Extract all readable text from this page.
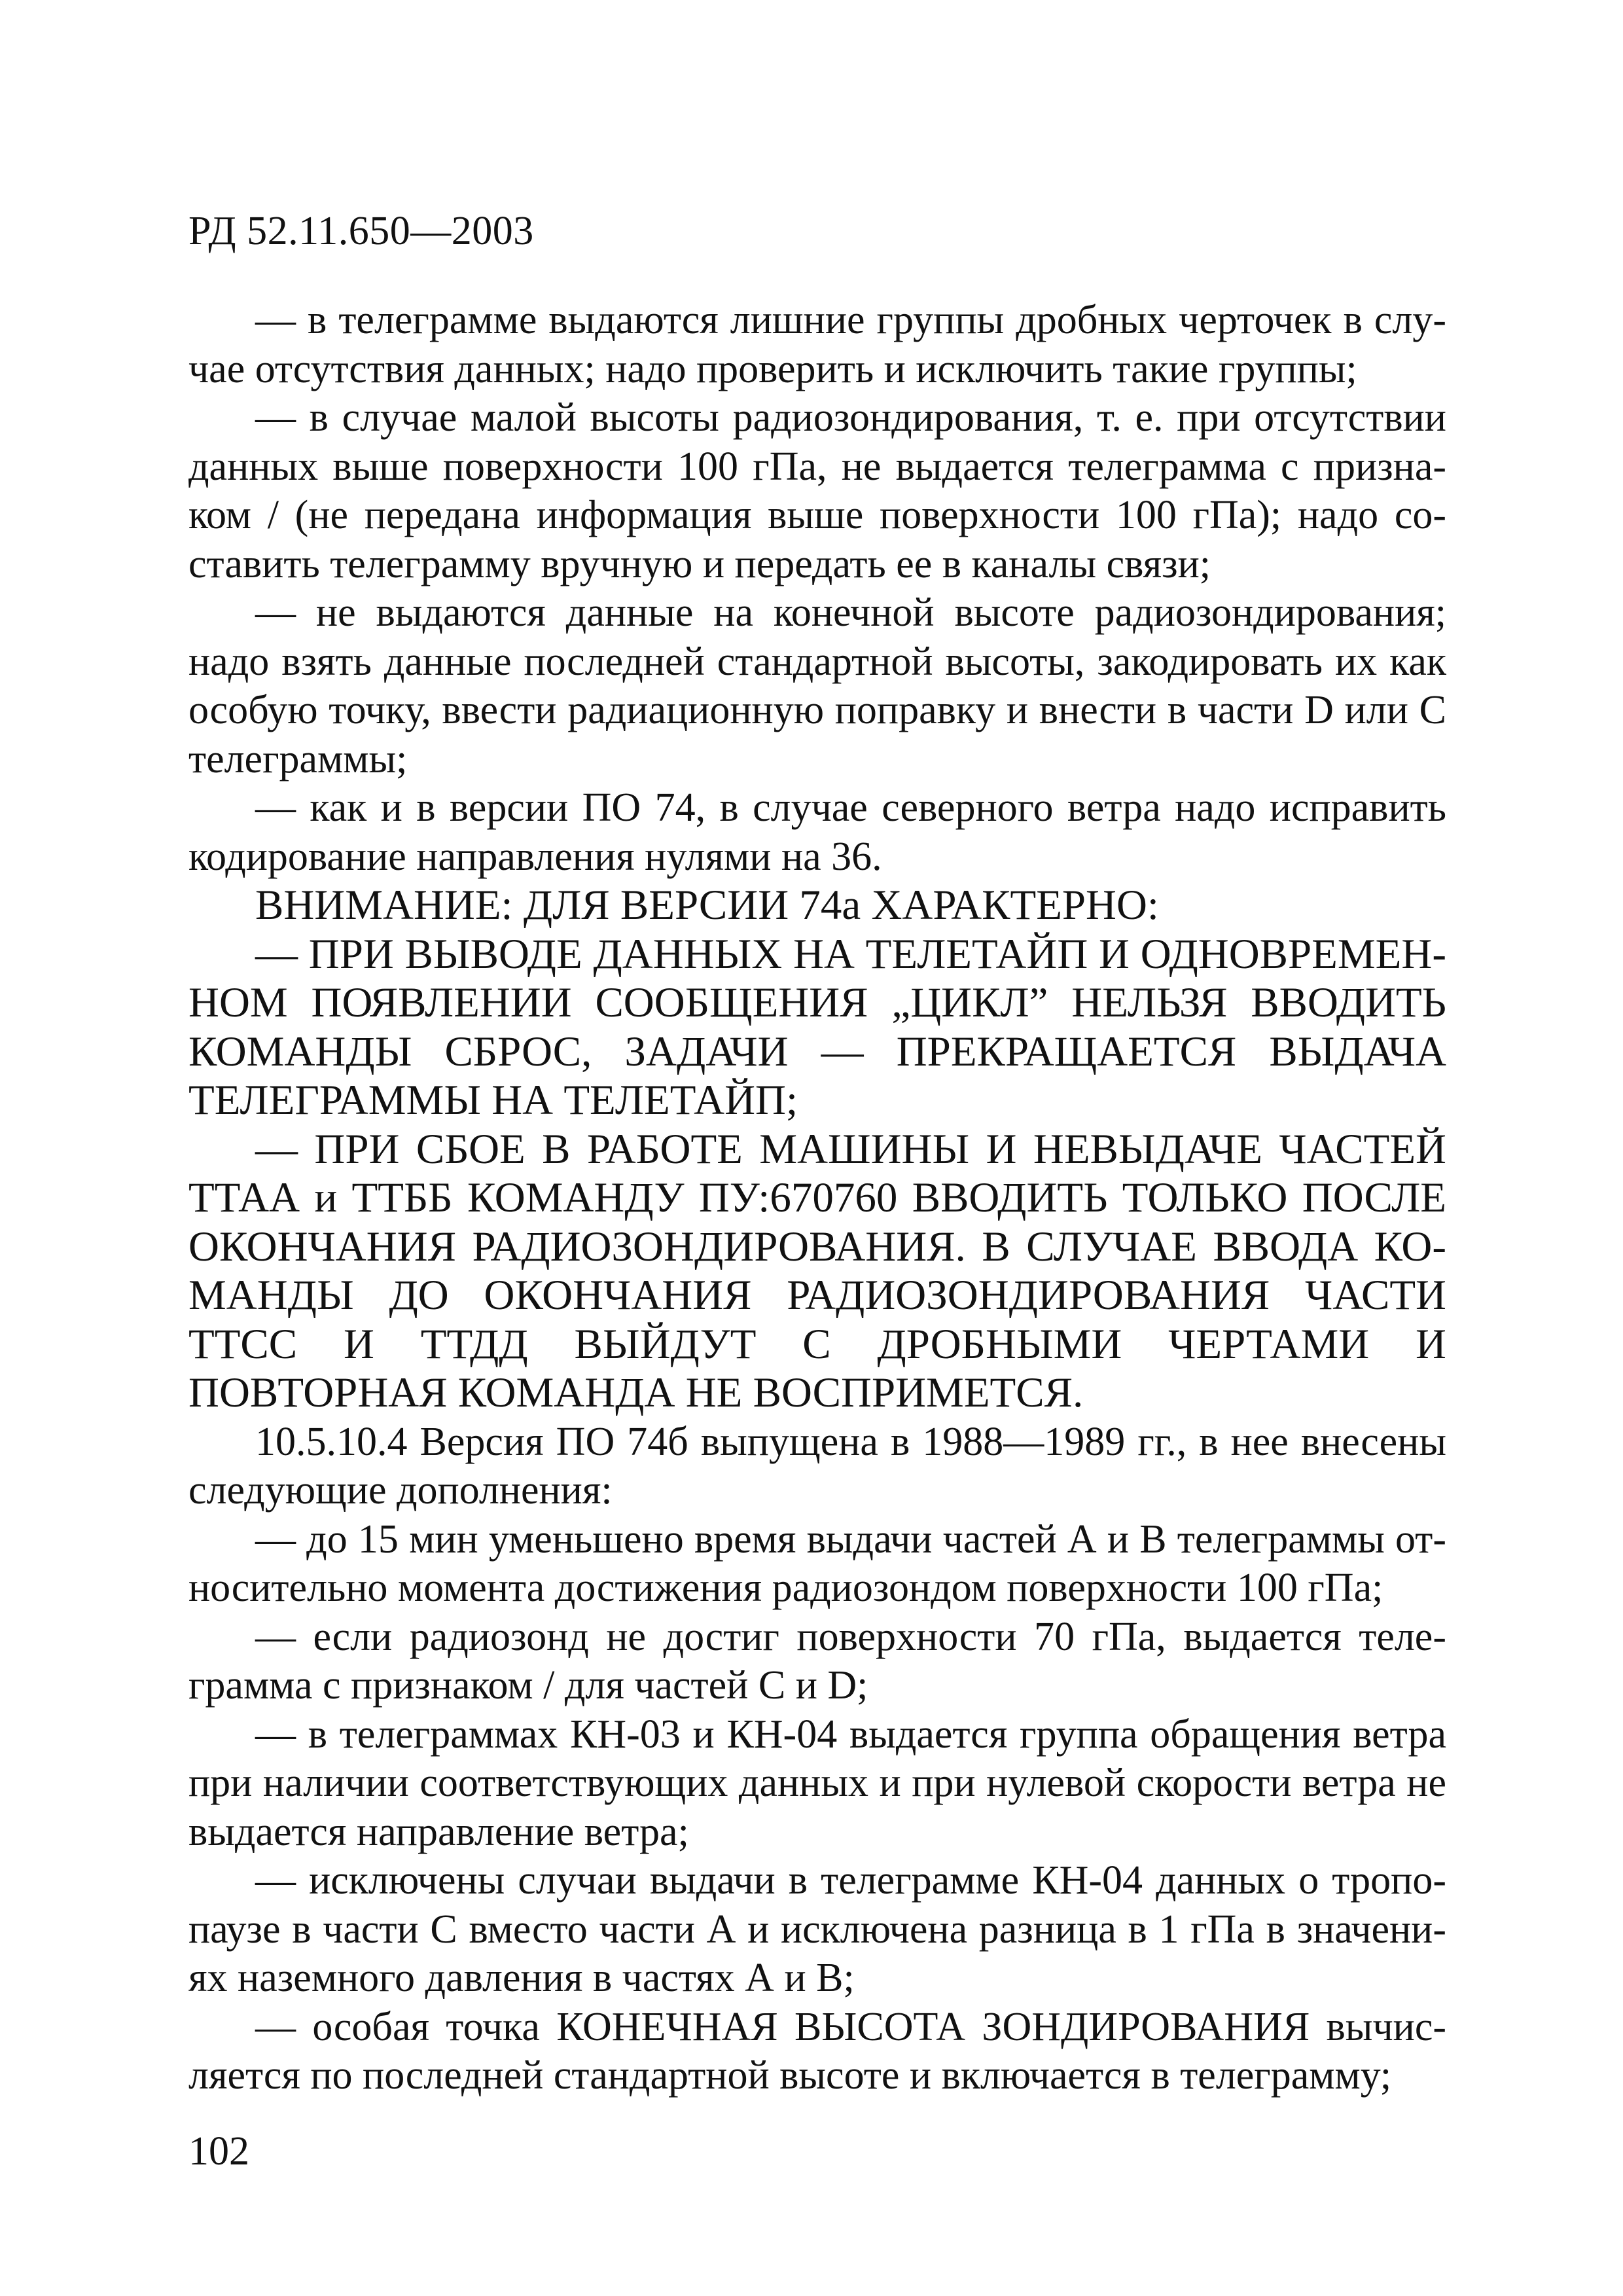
РД 52.11.650—2003

— в телеграмме выдаются лишние группы дробных черточек в случае отсутствия данных; надо проверить и исключить такие группы;

— в случае малой высоты радиозондирования, т. е. при отсутствии данных выше поверхности 100 гПа, не выдается телеграмма с признаком / (не передана информация выше поверхности 100 гПа); надо составить телеграмму вручную и передать ее в каналы связи;

— не выдаются данные на конечной высоте радиозондирования; надо взять данные последней стандартной высоты, закодировать их как особую точку, ввести радиационную поправку и внести в части D или С телеграммы;

— как и в версии ПО 74, в случае северного ветра надо исправить кодирование направления нулями на 36.

ВНИМАНИЕ: ДЛЯ ВЕРСИИ 74а ХАРАКТЕРНО:

— ПРИ ВЫВОДЕ ДАННЫХ НА ТЕЛЕТАЙП И ОДНОВРЕМЕННОМ ПОЯВЛЕНИИ СООБЩЕНИЯ „ЦИКЛ” НЕЛЬЗЯ ВВОДИТЬ КОМАНДЫ СБРОС, ЗАДАЧИ — ПРЕКРАЩАЕТСЯ ВЫДАЧА ТЕЛЕГРАММЫ НА ТЕЛЕТАЙП;

— ПРИ СБОЕ В РАБОТЕ МАШИНЫ И НЕВЫДАЧЕ ЧАСТЕЙ ТТАА и ТТББ КОМАНДУ ПУ:670760 ВВОДИТЬ ТОЛЬКО ПОСЛЕ ОКОНЧАНИЯ РАДИОЗОНДИРОВАНИЯ. В СЛУЧАЕ ВВОДА КОМАНДЫ ДО ОКОНЧАНИЯ РАДИОЗОНДИРОВАНИЯ ЧАСТИ ТТСС И ТТДД ВЫЙДУТ С ДРОБНЫМИ ЧЕРТАМИ И ПОВТОРНАЯ КОМАНДА НЕ ВОСПРИМЕТСЯ.

10.5.10.4 Версия ПО 74б выпущена в 1988—1989 гг., в нее внесены следующие дополнения:

— до 15 мин уменьшено время выдачи частей А и В телеграммы относительно момента достижения радиозондом поверхности 100 гПа;

— если радиозонд не достиг поверхности 70 гПа, выдается телеграмма с признаком / для частей С и D;

— в телеграммах КН-03 и КН-04 выдается группа обращения ветра при наличии соответствующих данных и при нулевой скорости ветра не выдается направление ветра;

— исключены случаи выдачи в телеграмме КН-04 данных о тропопаузе в части С вместо части А и исключена разница в 1 гПа в значениях наземного давления в частях А и В;

— особая точка КОНЕЧНАЯ ВЫСОТА ЗОНДИРОВАНИЯ вычисляется по последней стандартной высоте и включается в телеграмму;

102
